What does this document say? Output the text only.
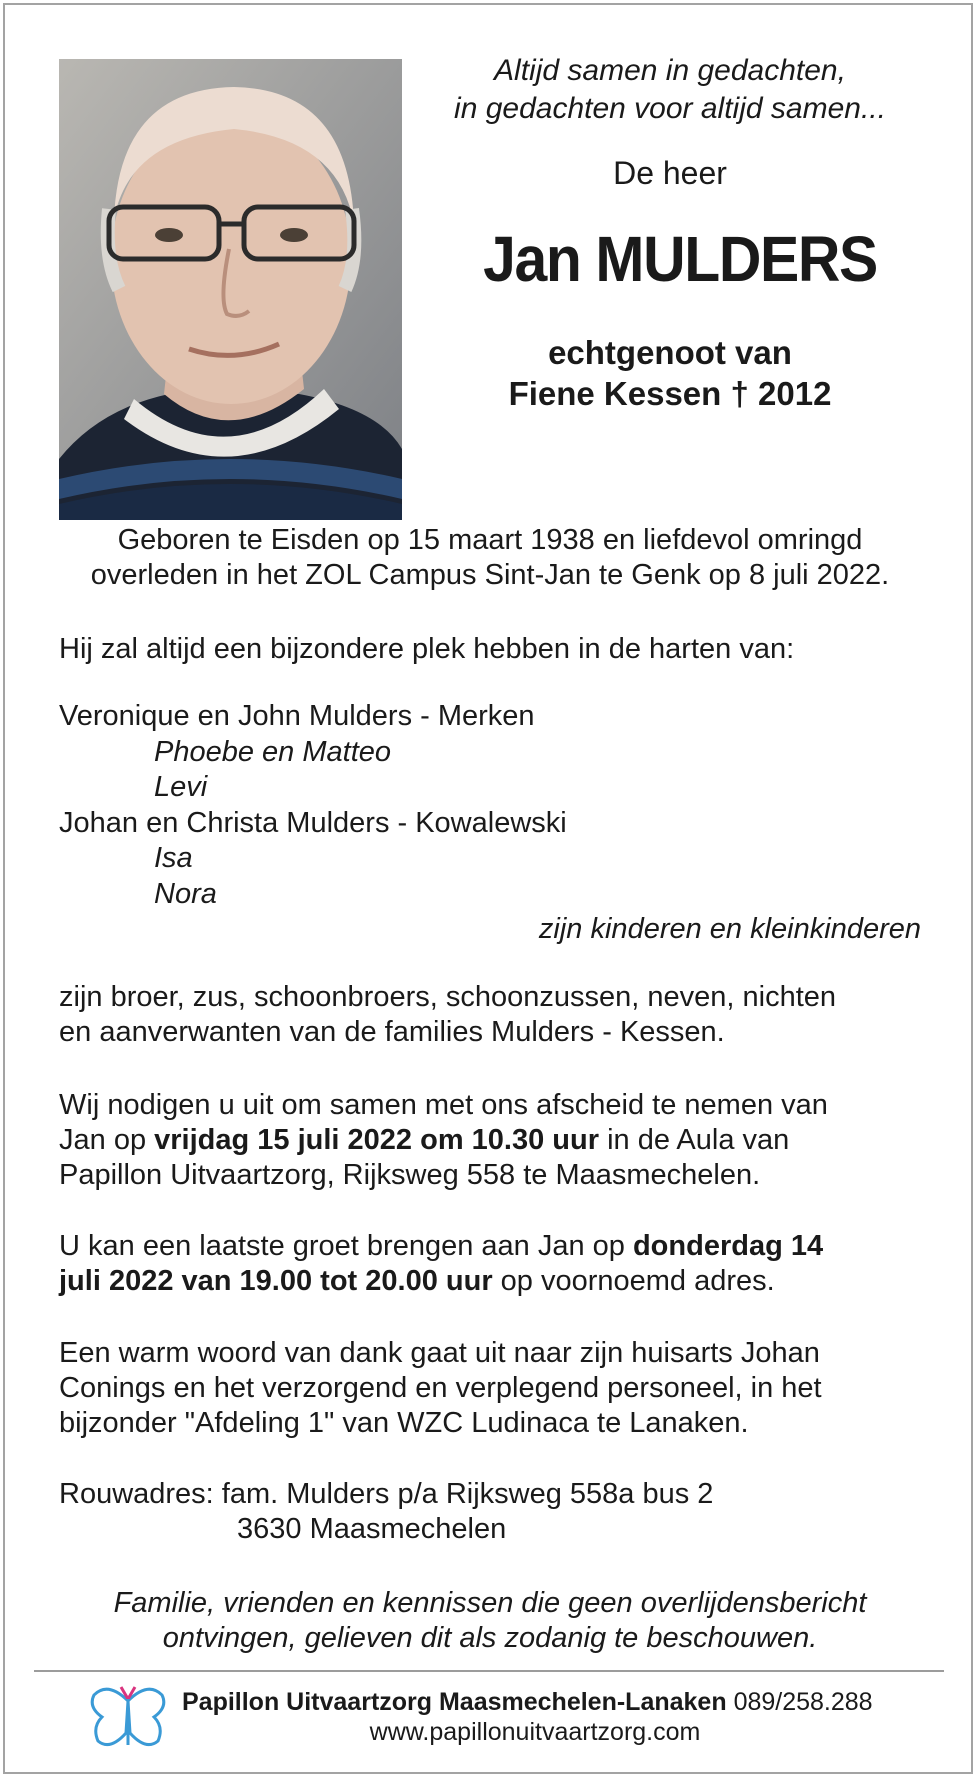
Altijd samen in gedachten,
in gedachten voor altijd samen...
De heer
Jan MULDERS
echtgenoot van
Fiene Kessen † 2012
Geboren te Eisden op 15 maart 1938 en liefdevol omringd
overleden in het ZOL Campus Sint-Jan te Genk op 8 juli 2022.
Hij zal altijd een bijzondere plek hebben in de harten van:
Veronique en John Mulders - Merken
Phoebe en Matteo
Levi
Johan en Christa Mulders - Kowalewski
Isa
Nora
zijn kinderen en kleinkinderen
zijn broer, zus, schoonbroers, schoonzussen, neven, nichten
en aanverwanten van de families Mulders - Kessen.
Wij nodigen u uit om samen met ons afscheid te nemen van
Jan op vrijdag 15 juli 2022 om 10.30 uur in de Aula van
Papillon Uitvaartzorg, Rijksweg 558 te Maasmechelen.
U kan een laatste groet brengen aan Jan op donderdag 14
juli 2022 van 19.00 tot 20.00 uur op voornoemd adres.
Een warm woord van dank gaat uit naar zijn huisarts Johan
Conings en het verzorgend en verplegend personeel, in het
bijzonder "Afdeling 1" van WZC Ludinaca te Lanaken.
Rouwadres: fam. Mulders p/a Rijksweg 558a bus 2
3630 Maasmechelen
Familie, vrienden en kennissen die geen overlijdensbericht
ontvingen, gelieven dit als zodanig te beschouwen.
Papillon Uitvaartzorg Maasmechelen-Lanaken 089/258.288
www.papillonuitvaartzorg.com
